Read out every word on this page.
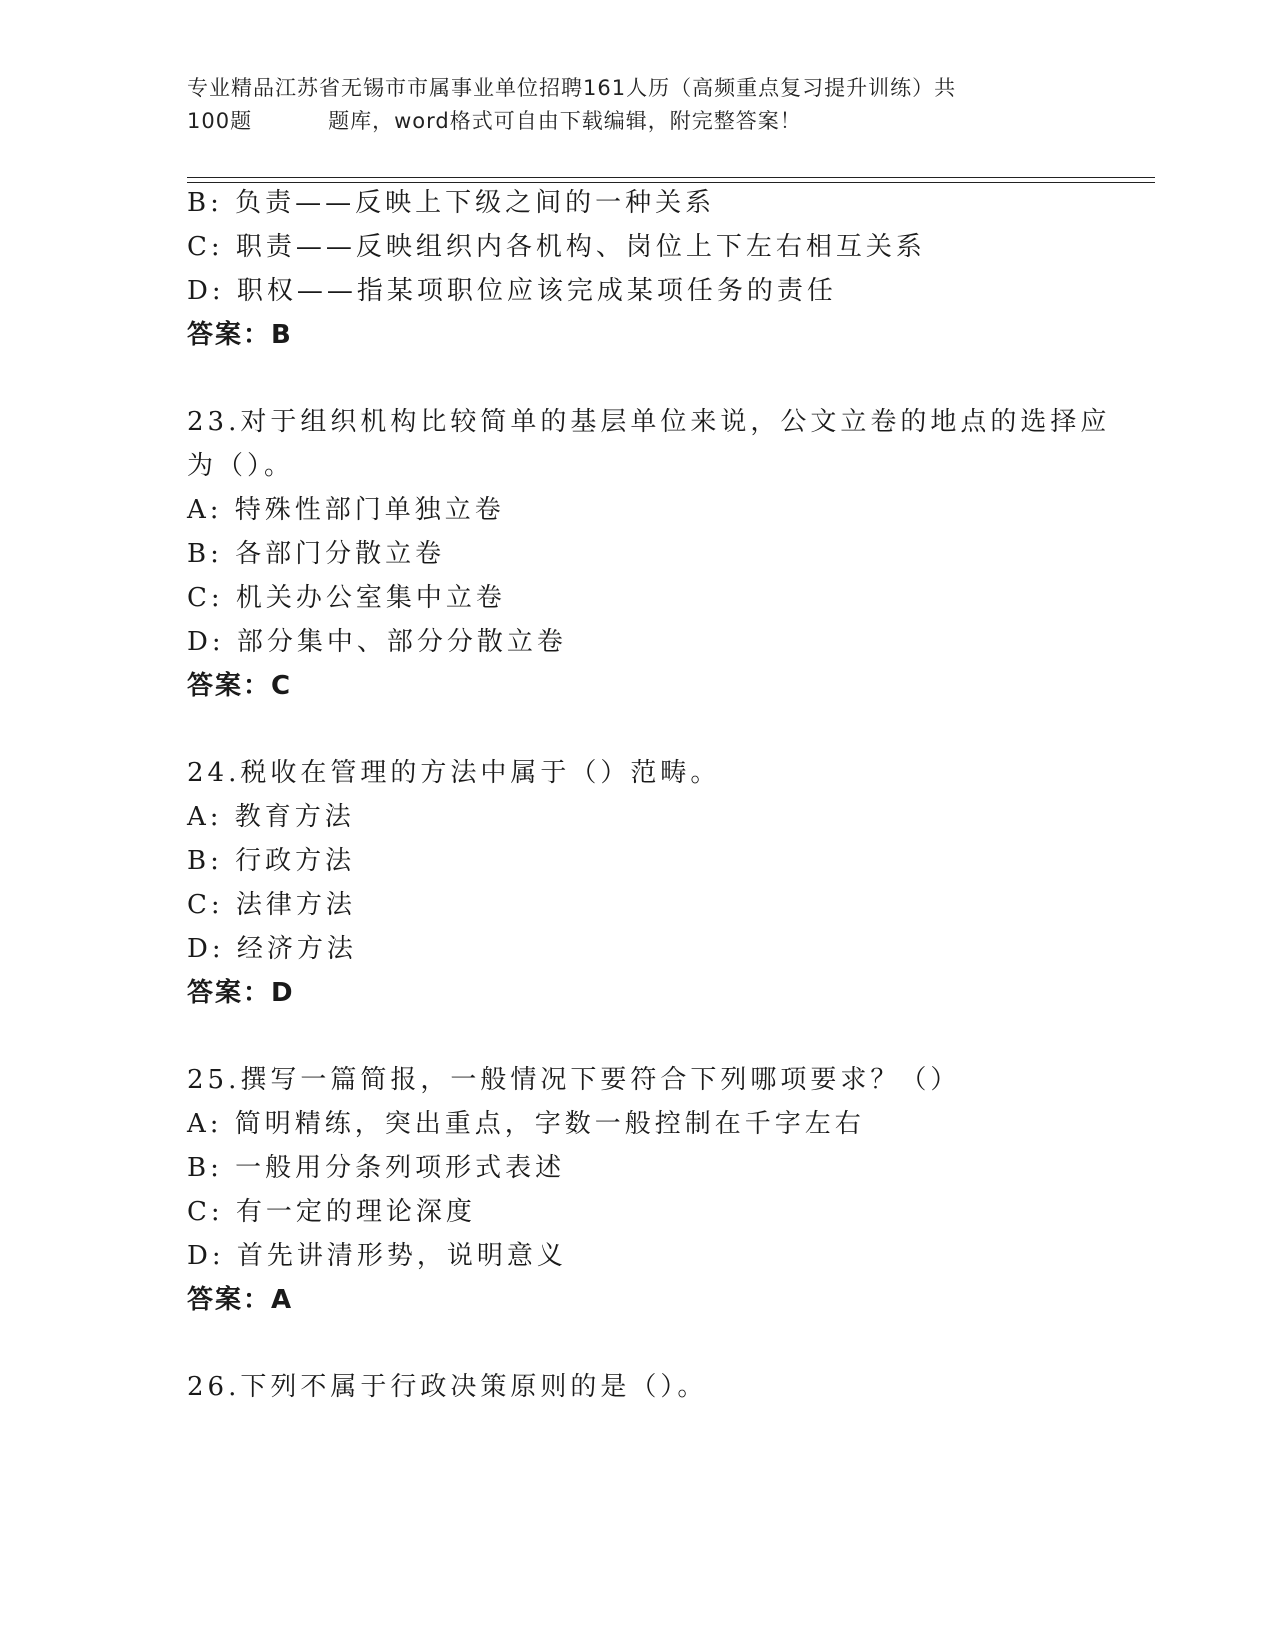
专业精品江苏省无锡市市属事业单位招聘161人历（高频重点复习提升训练）共
100题	题库，word格式可自由下载编辑，附完整答案！
B: 负责——反映上下级之间的一种关系
C: 职责——反映组织内各机构、岗位上下左右相互关系
D: 职权——指某项职位应该完成某项任务的责任
答案：B
23.对于组织机构比较简单的基层单位来说，公文立卷的地点的选择应
为（）。
A: 特殊性部门单独立卷
B: 各部门分散立卷
C: 机关办公室集中立卷
D: 部分集中、部分分散立卷
答案：C
24.税收在管理的方法中属于（）范畴。
A: 教育方法
B: 行政方法
C: 法律方法
D: 经济方法
答案：D
25.撰写一篇简报，一般情况下要符合下列哪项要求？（）
A: 简明精练，突出重点，字数一般控制在千字左右
B: 一般用分条列项形式表述
C: 有一定的理论深度
D: 首先讲清形势，说明意义
答案：A
26.下列不属于行政决策原则的是（）。
